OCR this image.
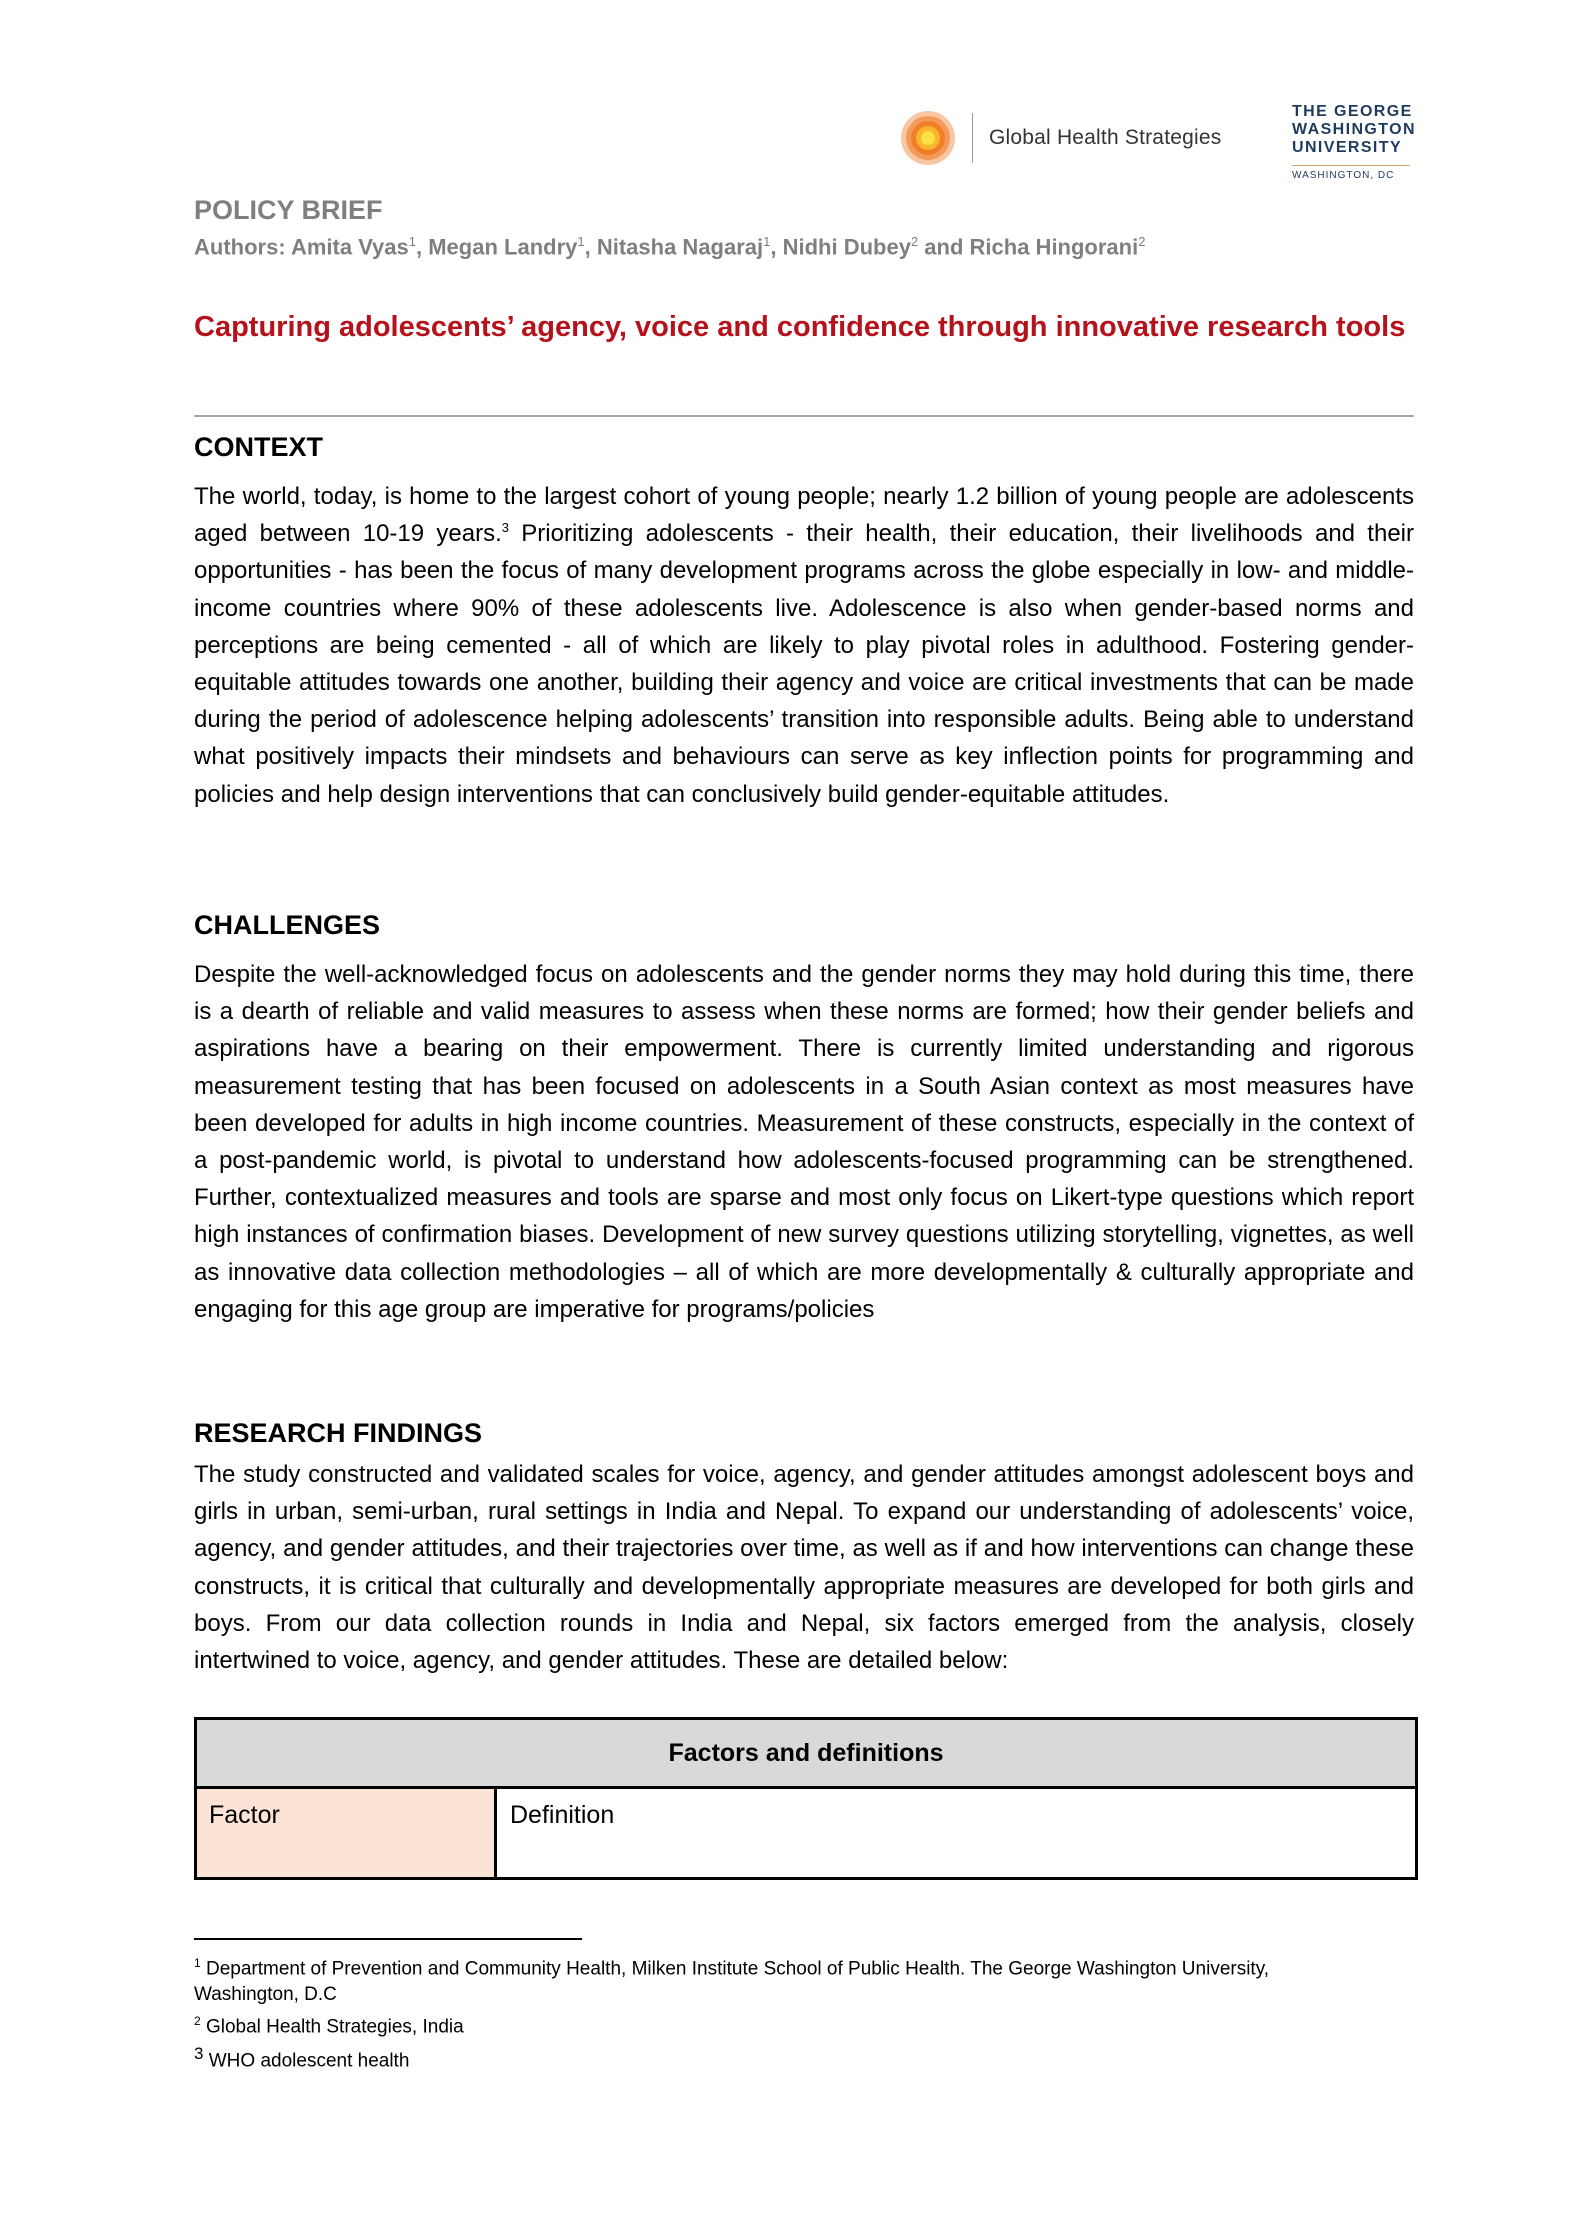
Global Health Strategies
THE GEORGE
WASHINGTON
UNIVERSITY
WASHINGTON, DC
POLICY BRIEF
Authors: Amita Vyas$^1$, Megan Landry$^1$, Nitasha Nagaraj$^1$, Nidhi Dubey$^2$ and Richa Hingorani$^2$
Capturing adolescents’ agency, voice and confidence through innovative research tools
CONTEXT
The world, today, is home to the largest cohort of young people; nearly 1.2 billion of young people are adolescents aged between 10-19 years.$^3$ Prioritizing adolescents - their health, their education, their livelihoods and their opportunities - has been the focus of many development programs across the globe especially in low- and middle-income countries where 90% of these adolescents live. Adolescence is also when gender-based norms and perceptions are being cemented - all of which are likely to play pivotal roles in adulthood. Fostering gender-equitable attitudes towards one another, building their agency and voice are critical investments that can be made during the period of adolescence helping adolescents’ transition into responsible adults. Being able to understand what positively impacts their mindsets and behaviours can serve as key inflection points for programming and policies and help design interventions that can conclusively build gender-equitable attitudes.
CHALLENGES
Despite the well-acknowledged focus on adolescents and the gender norms they may hold during this time, there is a dearth of reliable and valid measures to assess when these norms are formed; how their gender beliefs and aspirations have a bearing on their empowerment. There is currently limited understanding and rigorous measurement testing that has been focused on adolescents in a South Asian context as most measures have been developed for adults in high income countries. Measurement of these constructs, especially in the context of a post-pandemic world, is pivotal to understand how adolescents-focused programming can be strengthened. Further, contextualized measures and tools are sparse and most only focus on Likert-type questions which report high instances of confirmation biases. Development of new survey questions utilizing storytelling, vignettes, as well as innovative data collection methodologies – all of which are more developmentally & culturally appropriate and engaging for this age group are imperative for programs/policies
RESEARCH FINDINGS
The study constructed and validated scales for voice, agency, and gender attitudes amongst adolescent boys and girls in urban, semi-urban, rural settings in India and Nepal. To expand our understanding of adolescents’ voice, agency, and gender attitudes, and their trajectories over time, as well as if and how interventions can change these constructs, it is critical that culturally and developmentally appropriate measures are developed for both girls and boys. From our data collection rounds in India and Nepal, six factors emerged from the analysis, closely intertwined to voice, agency, and gender attitudes. These are detailed below:
Factors and definitions
Factor	Definition

$^1$ Department of Prevention and Community Health, Milken Institute School of Public Health. The George Washington University, Washington, D.C

$^2$ Global Health Strategies, India

$^3$ WHO adolescent health
